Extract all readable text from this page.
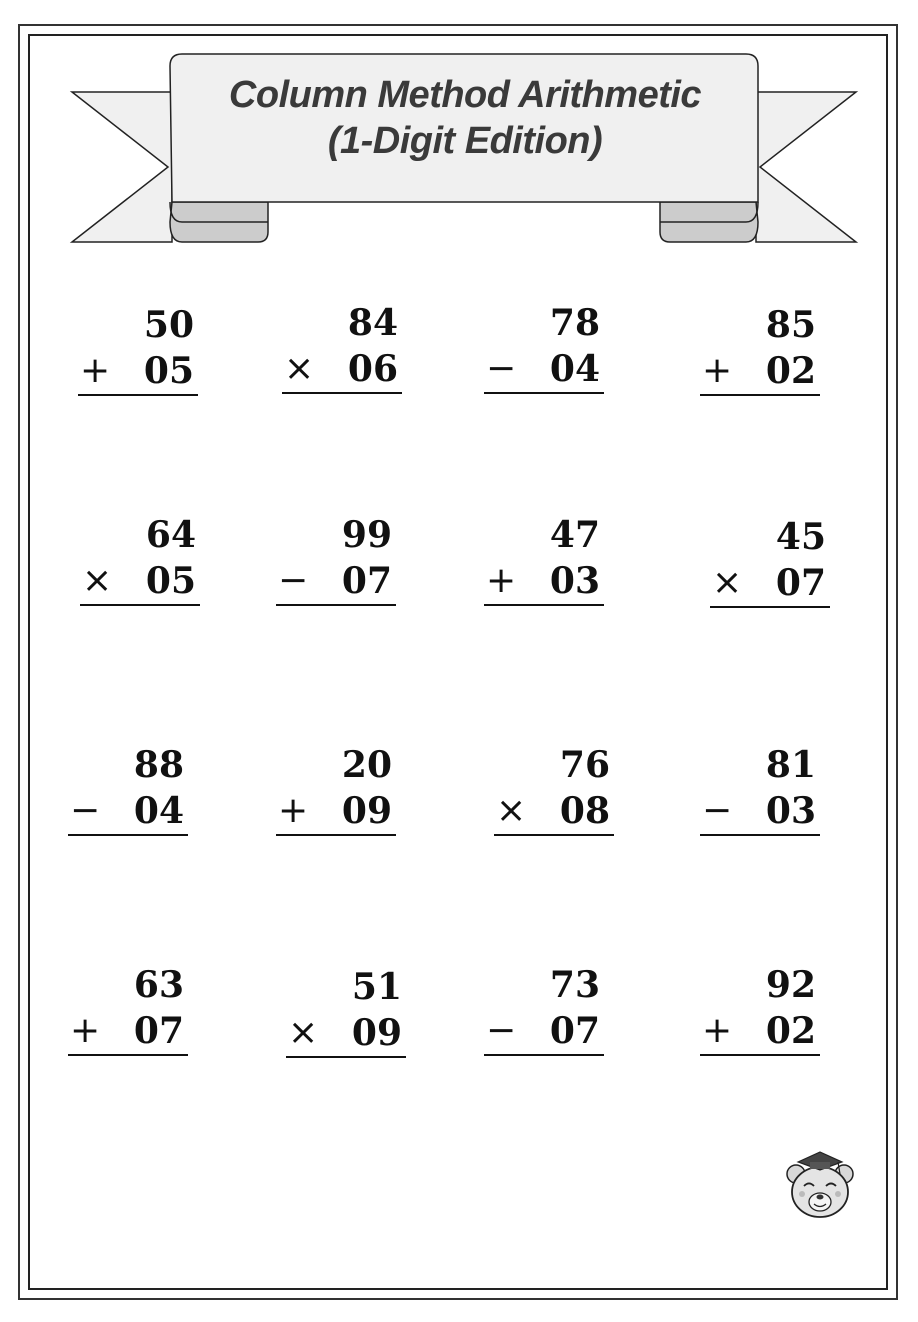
Column Method Arithmetic
(1-Digit Edition)
50
+ 05
84
× 06
78
− 04
85
+ 02
64
× 05
99
− 07
47
+ 03
45
× 07
88
− 04
20
+ 09
76
× 08
81
− 03
63
+ 07
51
× 09
73
− 07
92
+ 02
